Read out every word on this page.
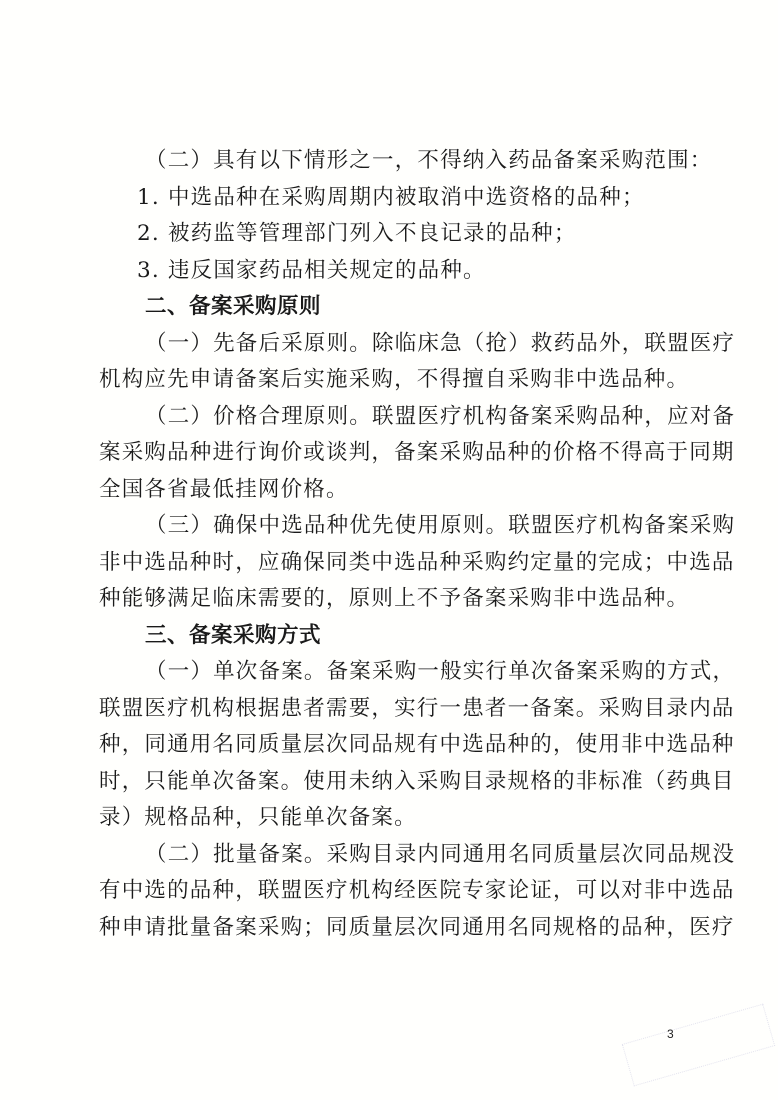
（二）具有以下情形之一，不得纳入药品备案采购范围：
1. 中选品种在采购周期内被取消中选资格的品种；
2. 被药监等管理部门列入不良记录的品种；
3. 违反国家药品相关规定的品种。
二、备案采购原则
（一）先备后采原则。除临床急（抢）救药品外，联盟医疗
机构应先申请备案后实施采购，不得擅自采购非中选品种。
（二）价格合理原则。联盟医疗机构备案采购品种，应对备
案采购品种进行询价或谈判，备案采购品种的价格不得高于同期
全国各省最低挂网价格。
（三）确保中选品种优先使用原则。联盟医疗机构备案采购
非中选品种时，应确保同类中选品种采购约定量的完成；中选品
种能够满足临床需要的，原则上不予备案采购非中选品种。
三、备案采购方式
（一）单次备案。备案采购一般实行单次备案采购的方式，
联盟医疗机构根据患者需要，实行一患者一备案。采购目录内品
种，同通用名同质量层次同品规有中选品种的，使用非中选品种
时，只能单次备案。使用未纳入采购目录规格的非标准（药典目
录）规格品种，只能单次备案。
（二）批量备案。采购目录内同通用名同质量层次同品规没
有中选的品种，联盟医疗机构经医院专家论证，可以对非中选品
种申请批量备案采购；同质量层次同通用名同规格的品种，医疗
3
